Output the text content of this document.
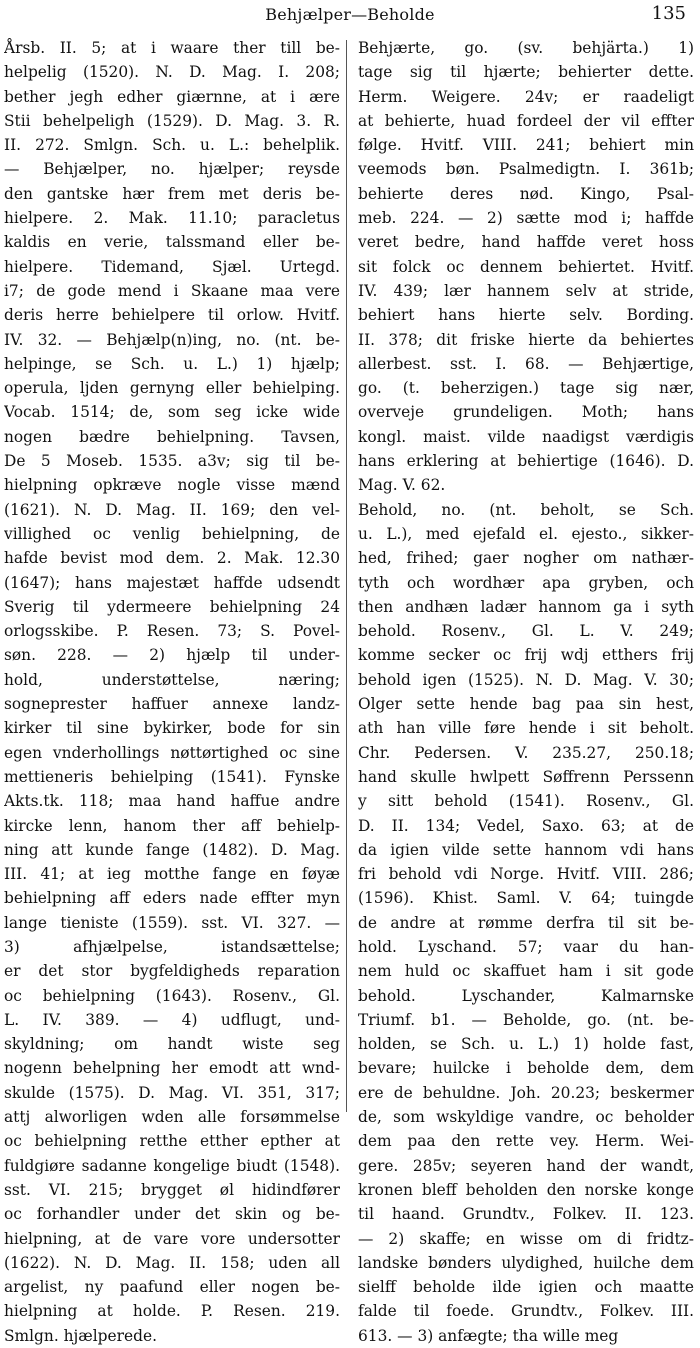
Behjælper—Beholde	135
Årsb. II. 5; at i waare ther till be-
helpelig (1520). N. D. Mag. I. 208;
bether jegh edher giærnne, at i ære
Stii behelpeligh (1529). D. Mag. 3. R.
II. 272. Smlgn. Sch. u. L.: behelplik.
— Behjælper, no. hjælper; reysde
den gantske hær frem met deris be-
hielpere. 2. Mak. 11.10; paracletus
kaldis en verie, talssmand eller be-
hielpere. Tidemand, Sjæl. Urtegd.
i7; de gode mend i Skaane maa vere
deris herre behielpere til orlow. Hvitf.
IV. 32. — Behjælp(n)ing, no. (nt. be-
helpinge, se Sch. u. L.) 1) hjælp;
operula, ljden gernyng eller behielping.
Vocab. 1514; de, som seg icke wide
nogen bædre behielpning. Tavsen,
De 5 Moseb. 1535. a3v; sig til be-
hielpning opkræve nogle visse mænd
(1621). N. D. Mag. II. 169; den vel-
villighed oc venlig behielpning, de
hafde bevist mod dem. 2. Mak. 12.30
(1647); hans majestæt haffde udsendt
Sverig til ydermeere behielpning 24
orlogsskibe. P. Resen. 73; S. Povel-
søn. 228. — 2) hjælp til under-
hold, understøttelse, næring;
sogneprester haffuer annexe landz-
kirker til sine bykirker, bode for sin
egen vnderhollings nøttørtighed oc sine
mettieneris behielping (1541). Fynske
Akts.tk. 118; maa hand haffue andre
kircke lenn, hanom ther aff behielp-
ning att kunde fange (1482). D. Mag.
III. 41; at ieg motthe fange en føyæ
behielpning aff eders nade effter myn
lange tieniste (1559). sst. VI. 327. —
3) afhjælpelse, istandsættelse;
er det stor bygfeldigheds reparation
oc behielpning (1643). Rosenv., Gl.
L. IV. 389. — 4) udflugt, und-
skyldning; om handt wiste seg
nogenn behelpning her emodt att wnd-
skulde (1575). D. Mag. VI. 351, 317;
attj alworligen wden alle forsømmelse
oc behielpning retthe etther epther at
fuldgiøre sadanne kongelige biudt (1548).
sst. VI. 215; brygget øl hidindfører
oc forhandler under det skin og be-
hielpning, at de vare vore undersotter
(1622). N. D. Mag. II. 158; uden all
argelist, ny paafund eller nogen be-
hielpning at holde. P. Resen. 219.
Smlgn. hjælperede.
Behjærte, go. (sv. behjärta.) 1)
tage sig til hjærte; behierter dette.
Herm. Weigere. 24v; er raadeligt
at behierte, huad fordeel der vil effter
følge. Hvitf. VIII. 241; behiert min
veemods bøn. Psalmedigtn. I. 361b;
behierte deres nød. Kingo, Psal-
meb. 224. — 2) sætte mod i; haffde
veret bedre, hand haffde veret hoss
sit folck oc dennem behiertet. Hvitf.
IV. 439; lær hannem selv at stride,
behiert hans hierte selv. Bording.
II. 378; dit friske hierte da behiertes
allerbest. sst. I. 68. — Behjærtige,
go. (t. beherzigen.) tage sig nær,
overveje grundeligen. Moth; hans
kongl. maist. vilde naadigst værdigis
hans erklering at behiertige (1646). D.
Mag. V. 62.
Behold, no. (nt. beholt, se Sch.
u. L.), med ejefald el. ejesto., sikker-
hed, frihed; gaer nogher om nathær-
tyth och wordhær apa gryben, och
then andhæn ladær hannom ga i syth
behold. Rosenv., Gl. L. V. 249;
komme secker oc frij wdj etthers frij
behold igen (1525). N. D. Mag. V. 30;
Olger sette hende bag paa sin hest,
ath han ville føre hende i sit beholt.
Chr. Pedersen. V. 235.27, 250.18;
hand skulle hwlpett Søffrenn Perssenn
y sitt behold (1541). Rosenv., Gl.
D. II. 134; Vedel, Saxo. 63; at de
da igien vilde sette hannom vdi hans
fri behold vdi Norge. Hvitf. VIII. 286;
(1596). Khist. Saml. V. 64; tuingde
de andre at rømme derfra til sit be-
hold. Lyschand. 57; vaar du han-
nem huld oc skaffuet ham i sit gode
behold. Lyschander, Kalmarnske
Triumf. b1. — Beholde, go. (nt. be-
holden, se Sch. u. L.) 1) holde fast,
bevare; huilcke i beholde dem, dem
ere de behuldne. Joh. 20.23; beskermer
de, som wskyldige vandre, oc beholder
dem paa den rette vey. Herm. Wei-
gere. 285v; seyeren hand der wandt,
kronen bleff beholden den norske konge
til haand. Grundtv., Folkev. II. 123.
— 2) skaffe; en wisse om di fridtz-
landske bønders ulydighed, huilche dem
sielff beholde ilde igien och maatte
falde til foede. Grundtv., Folkev. III.
613. — 3) anfægte; tha wille meg
